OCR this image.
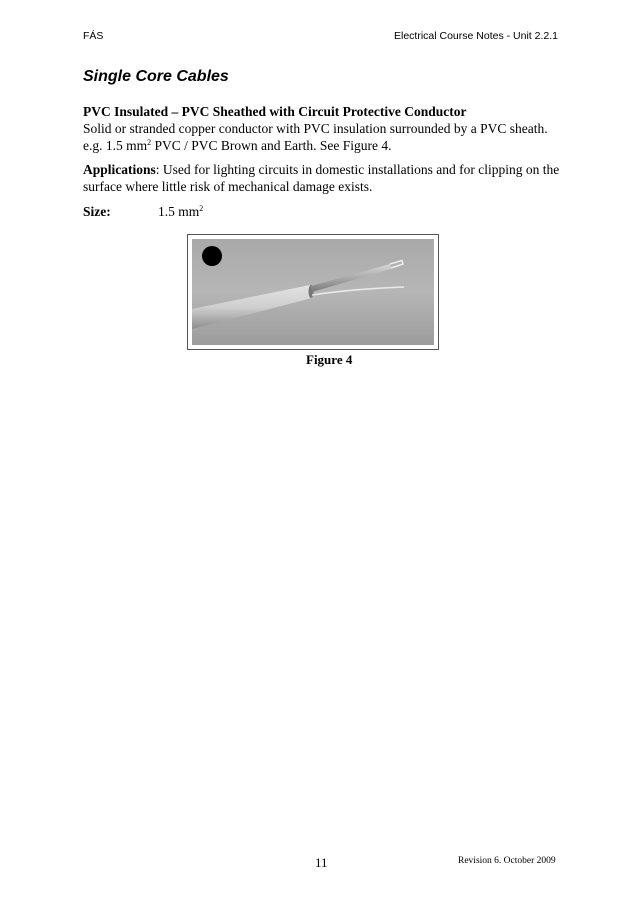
FÁS	Electrical Course Notes - Unit 2.2.1
Single Core Cables
PVC Insulated – PVC Sheathed with Circuit Protective Conductor
Solid or stranded copper conductor with PVC insulation surrounded by a PVC sheath.
e.g. 1.5 $mm^2$ PVC / PVC Brown and Earth. See Figure 4.
Applications: Used for lighting circuits in domestic installations and for clipping on the surface where little risk of mechanical damage exists.
Size:	1.5 $mm^2$
Figure 4
11	Revision 6. October 2009
